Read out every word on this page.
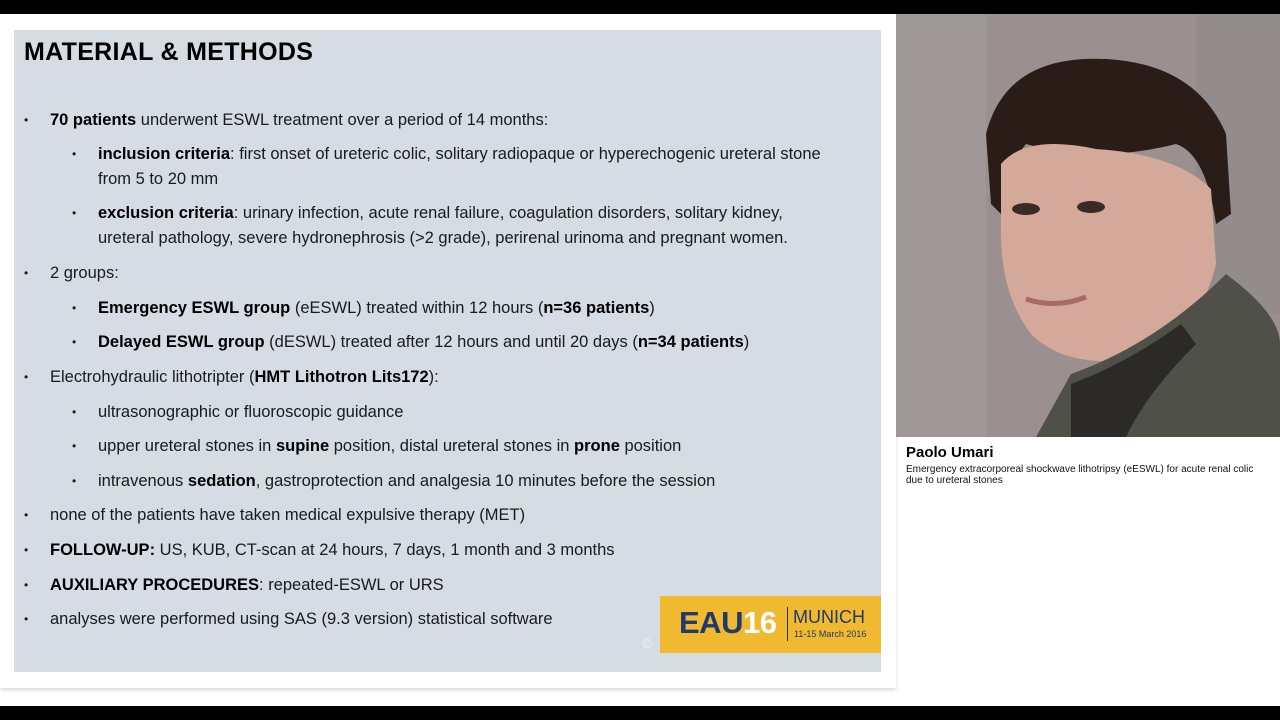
MATERIAL & METHODS
• 70 patients underwent ESWL treatment over a period of 14 months:
• inclusion criteria: first onset of ureteric colic, solitary radiopaque or hyperechogenic ureteral stone
from 5 to 20 mm
• exclusion criteria: urinary infection, acute renal failure, coagulation disorders, solitary kidney,
ureteral pathology, severe hydronephrosis (>2 grade), perirenal urinoma and pregnant women.
• 2 groups:
• Emergency ESWL group (eESWL) treated within 12 hours (n=36 patients)
• Delayed ESWL group (dESWL) treated after 12 hours and until 20 days (n=34 patients)
• Electrohydraulic lithotripter (HMT Lithotron Lits172):
• ultrasonographic or fluoroscopic guidance
• upper ureteral stones in supine position, distal ureteral stones in prone position
• intravenous sedation, gastroprotection and analgesia 10 minutes before the session
• none of the patients have taken medical expulsive therapy (MET)
• FOLLOW-UP: US, KUB, CT-scan at 24 hours, 7 days, 1 month and 3 months
• AUXILIARY PROCEDURES: repeated-ESWL or URS
• analyses were performed using SAS (9.3 version) statistical software
©
EAU16 MUNICH
11-15 March 2016
Paolo Umari
Emergency extracorporeal shockwave lithotripsy (eESWL) for acute renal colic due to ureteral stones
